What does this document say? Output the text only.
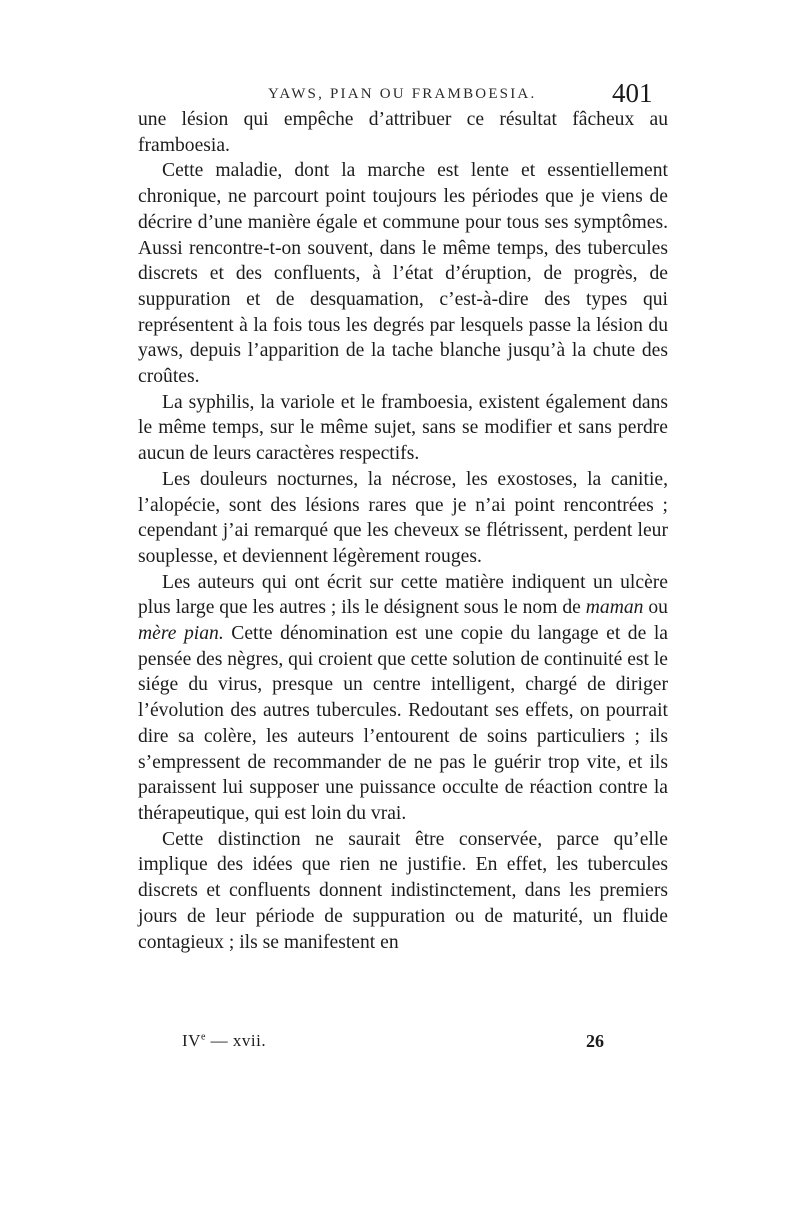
YAWS, PIAN OU FRAMBOESIA.	401

une lésion qui empêche d’attribuer ce résultat fâcheux au framboesia.

Cette maladie, dont la marche est lente et essentiellement chronique, ne parcourt point toujours les périodes que je viens de décrire d’une manière égale et commune pour tous ses symptômes. Aussi rencontre-t-on souvent, dans le même temps, des tubercules discrets et des confluents, à l’état d’éruption, de progrès, de suppuration et de desquamation, c’est-à-dire des types qui représentent à la fois tous les degrés par lesquels passe la lésion du yaws, depuis l’apparition de la tache blanche jusqu’à la chute des croûtes.

La syphilis, la variole et le framboesia, existent également dans le même temps, sur le même sujet, sans se modifier et sans perdre aucun de leurs caractères respectifs.

Les douleurs nocturnes, la nécrose, les exostoses, la canitie, l’alopécie, sont des lésions rares que je n’ai point rencontrées ; cependant j’ai remarqué que les cheveux se flétrissent, perdent leur souplesse, et deviennent légèrement rouges.

Les auteurs qui ont écrit sur cette matière indiquent un ulcère plus large que les autres ; ils le désignent sous le nom de maman ou mère pian. Cette dénomination est une copie du langage et de la pensée des nègres, qui croient que cette solution de continuité est le siége du virus, presque un centre intelligent, chargé de diriger l’évolution des autres tubercules. Redoutant ses effets, on pourrait dire sa colère, les auteurs l’entourent de soins particuliers ; ils s’empressent de recommander de ne pas le guérir trop vite, et ils paraissent lui supposer une puissance occulte de réaction contre la thérapeutique, qui est loin du vrai.

Cette distinction ne saurait être conservée, parce qu’elle implique des idées que rien ne justifie. En effet, les tubercules discrets et confluents donnent indistinctement, dans les premiers jours de leur période de suppuration ou de maturité, un fluide contagieux ; ils se manifestent en

IVe — xvii.	26
